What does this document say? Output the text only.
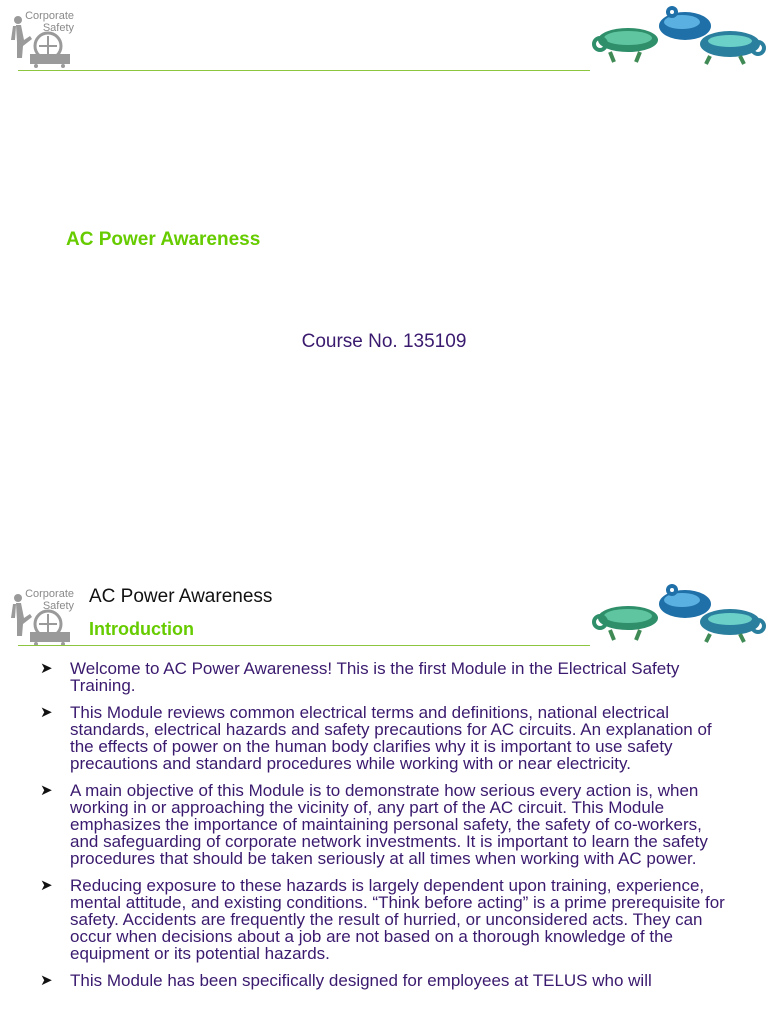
Corporate
Safety
AC Power Awareness
Course No. 135109
Corporate
Safety AC Power Awareness
Introduction
➤ Welcome to AC Power Awareness! This is the first Module in the Electrical Safety Training.
➤ This Module reviews common electrical terms and definitions, national electrical standards, electrical hazards and safety precautions for AC circuits. An explanation of the effects of power on the human body clarifies why it is important to use safety precautions and standard procedures while working with or near electricity.
➤ A main objective of this Module is to demonstrate how serious every action is, when working in or approaching the vicinity of, any part of the AC circuit. This Module emphasizes the importance of maintaining personal safety, the safety of co-workers, and safeguarding of corporate network investments. It is important to learn the safety procedures that should be taken seriously at all times when working with AC power.
➤ Reducing exposure to these hazards is largely dependent upon training, experience, mental attitude, and existing conditions. “Think before acting” is a prime prerequisite for safety. Accidents are frequently the result of hurried, or unconsidered acts. They can occur when decisions about a job are not based on a thorough knowledge of the equipment or its potential hazards.
➤ This Module has been specifically designed for employees at TELUS who will
